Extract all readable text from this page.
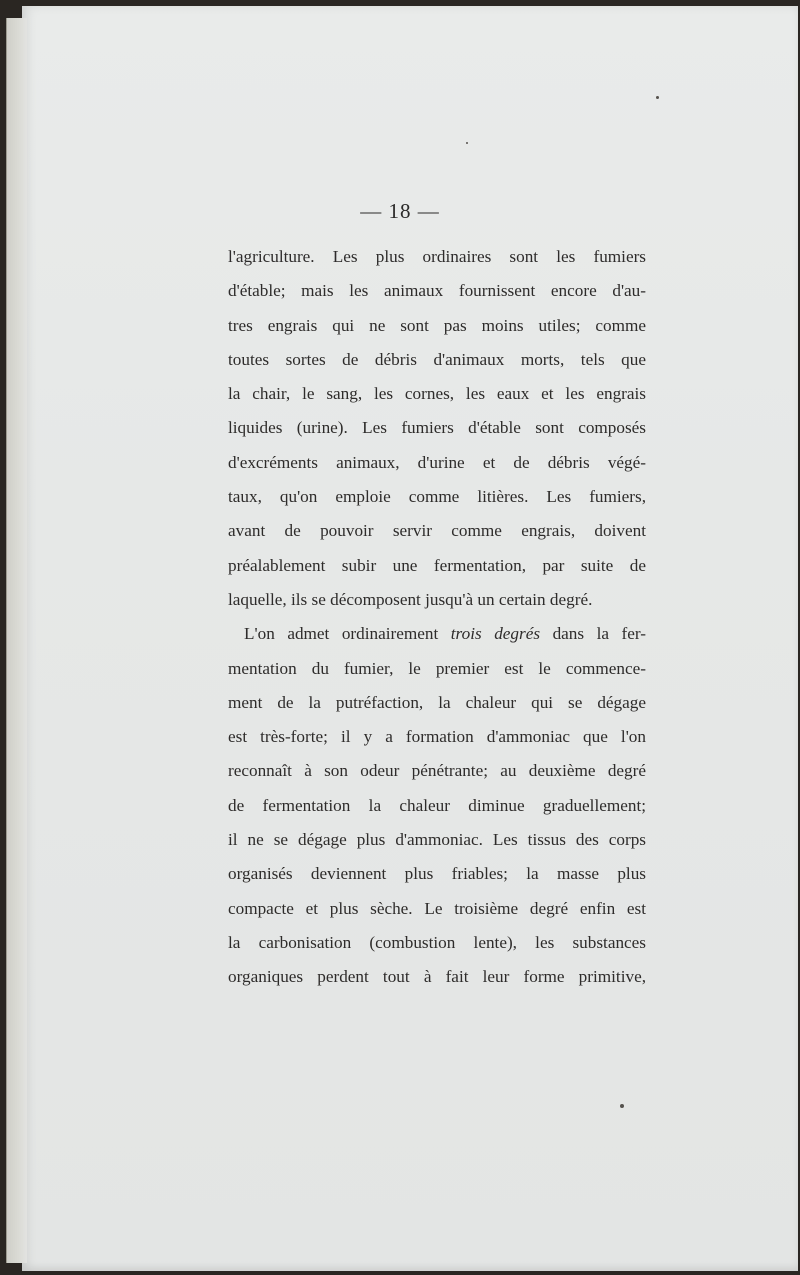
— 18 —
l'agriculture. Les plus ordinaires sont les fumiers
d'étable; mais les animaux fournissent encore d'au-
tres engrais qui ne sont pas moins utiles; comme
toutes sortes de débris d'animaux morts, tels que
la chair, le sang, les cornes, les eaux et les engrais
liquides (urine). Les fumiers d'étable sont composés
d'excréments animaux, d'urine et de débris végé-
taux, qu'on emploie comme litières. Les fumiers,
avant de pouvoir servir comme engrais, doivent
préalablement subir une fermentation, par suite de
laquelle, ils se décomposent jusqu'à un certain degré.
L'on admet ordinairement trois degrés dans la fer-
mentation du fumier, le premier est le commence-
ment de la putréfaction, la chaleur qui se dégage
est très-forte; il y a formation d'ammoniac que l'on
reconnaît à son odeur pénétrante; au deuxième degré
de fermentation la chaleur diminue graduellement;
il ne se dégage plus d'ammoniac. Les tissus des corps
organisés deviennent plus friables; la masse plus
compacte et plus sèche. Le troisième degré enfin est
la carbonisation (combustion lente), les substances
organiques perdent tout à fait leur forme primitive,
